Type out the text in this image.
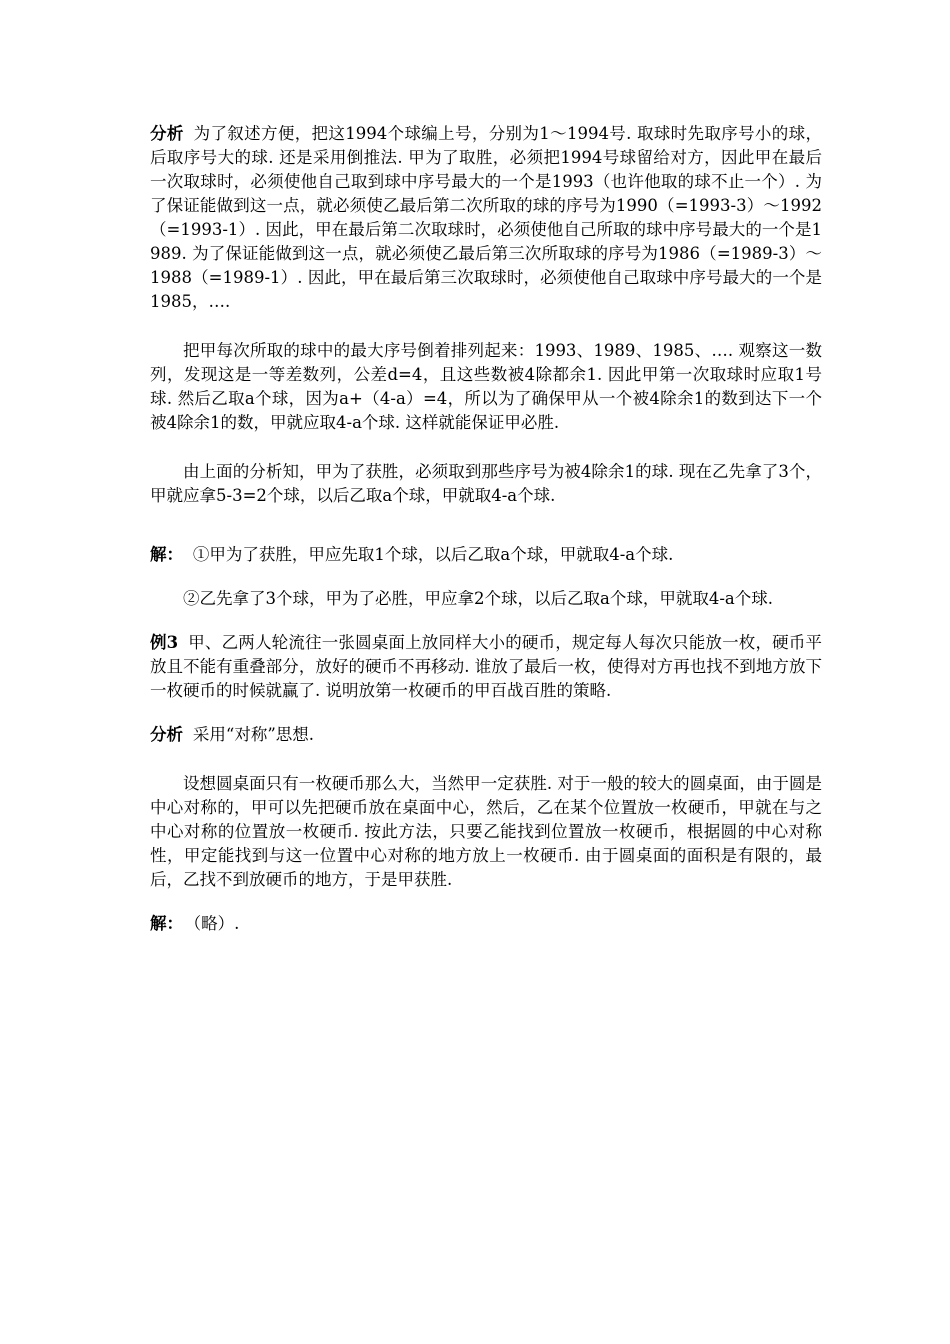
分析 为了叙述方便，把这1994个球编上号，分别为1～1994号. 取球时先取序号小的球，后取序号大的球. 还是采用倒推法. 甲为了取胜，必须把1994号球留给对方，因此甲在最后一次取球时，必须使他自己取到球中序号最大的一个是1993（也许他取的球不止一个）. 为了保证能做到这一点，就必须使乙最后第二次所取的球的序号为1990（=1993-3）～1992（=1993-1）. 因此，甲在最后第二次取球时，必须使他自己所取的球中序号最大的一个是1989. 为了保证能做到这一点，就必须使乙最后第三次所取球的序号为1986（=1989-3）～1988（=1989-1）. 因此，甲在最后第三次取球时，必须使他自己取球中序号最大的一个是1985，….

把甲每次所取的球中的最大序号倒着排列起来：1993、1989、1985、…. 观察这一数列，发现这是一等差数列，公差d=4，且这些数被4除都余1. 因此甲第一次取球时应取1号球. 然后乙取a个球，因为a+（4-a）=4，所以为了确保甲从一个被4除余1的数到达下一个被4除余1的数，甲就应取4-a个球. 这样就能保证甲必胜.

由上面的分析知，甲为了获胜，必须取到那些序号为被4除余1的球. 现在乙先拿了3个，甲就应拿5-3=2个球，以后乙取a个球，甲就取4-a个球.

解： ①甲为了获胜，甲应先取1个球，以后乙取a个球，甲就取4-a个球.

②乙先拿了3个球，甲为了必胜，甲应拿2个球，以后乙取a个球，甲就取4-a个球.

例3 甲、乙两人轮流往一张圆桌面上放同样大小的硬币，规定每人每次只能放一枚，硬币平放且不能有重叠部分，放好的硬币不再移动. 谁放了最后一枚，使得对方再也找不到地方放下一枚硬币的时候就赢了. 说明放第一枚硬币的甲百战百胜的策略.

分析 采用“对称”思想.

设想圆桌面只有一枚硬币那么大，当然甲一定获胜. 对于一般的较大的圆桌面，由于圆是中心对称的，甲可以先把硬币放在桌面中心，然后，乙在某个位置放一枚硬币，甲就在与之中心对称的位置放一枚硬币. 按此方法，只要乙能找到位置放一枚硬币，根据圆的中心对称性，甲定能找到与这一位置中心对称的地方放上一枚硬币. 由于圆桌面的面积是有限的，最后，乙找不到放硬币的地方，于是甲获胜.

解： （略）.
